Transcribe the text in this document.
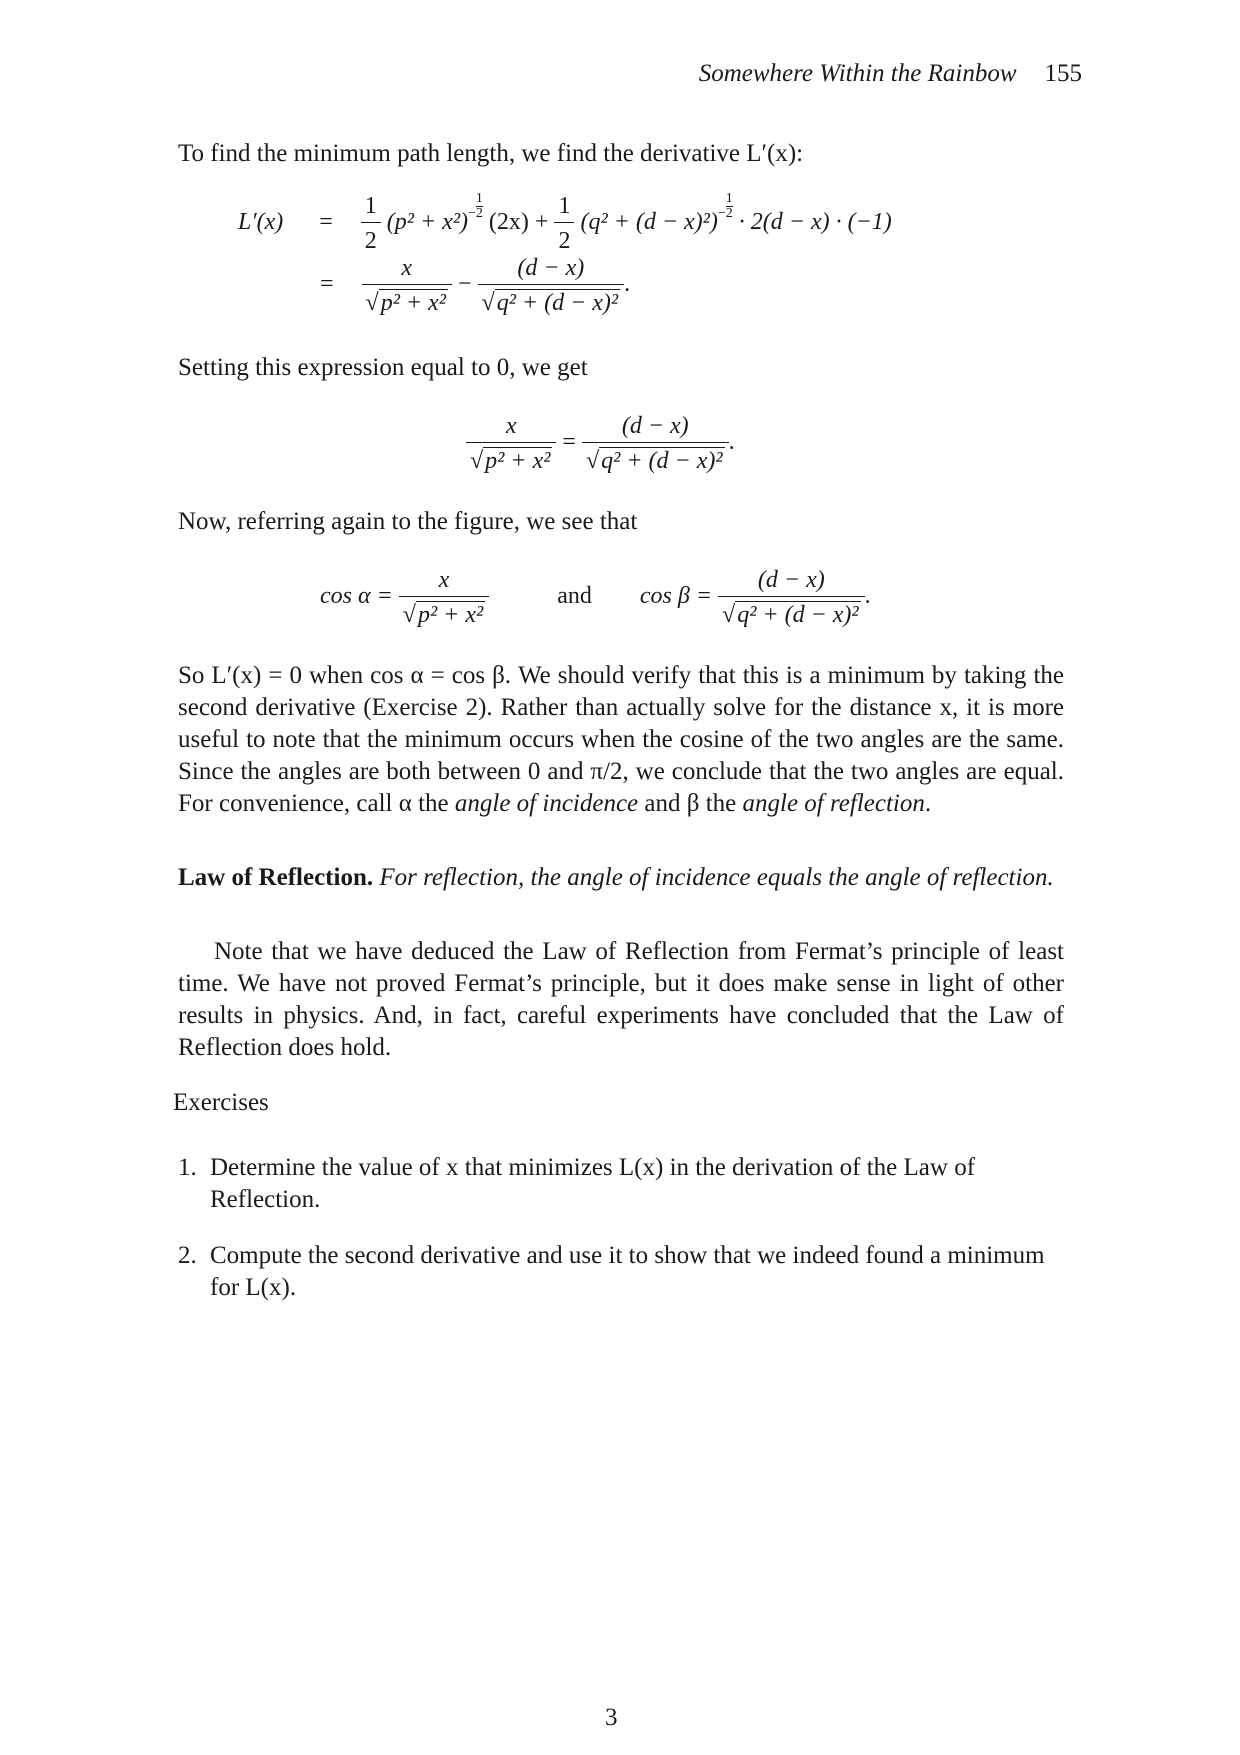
Somewhere Within the Rainbow 155
To find the minimum path length, we find the derivative L′(x):
$L'(x) = \frac{1}{2} (p^2 + x^2)- \frac{1}{2}$
$(2x) + \frac{1}{2} (q^2 + (d - x)^2)- \frac{1}{2}$
· 2(d − x) · (−1)
= $\frac{x}{\text{√p² + x²}} - \frac{(d - x)}{\text{√q² + (d − x)²}}$ .
Setting this expression equal to 0, we get
$\frac{x}{\text{√p² + x²}} = \frac{(d - x)}{\text{√q² + (d − x)²}}$ .
Now, referring again to the figure, we see that
$\cos \alpha = \frac{x}{\text{√p² + x²}}$	and $\cos \beta = \frac{(d - x)}{\text{√q² + (d − x)²}}$ .
So L′(x) = 0 when cos α = cos β. We should verify that this is a minimum by taking the second derivative (Exercise 2). Rather than actually solve for the distance x, it is more useful to note that the minimum occurs when the cosine of the two angles are the same. Since the angles are both between 0 and π/2, we conclude that the two angles are equal. For convenience, call α the angle of incidence and β the angle of reflection.
Law of Reflection. For reflection, the angle of incidence equals the angle of reflection.
Note that we have deduced the Law of Reflection from Fermat’s principle of least time. We have not proved Fermat’s principle, but it does make sense in light of other results in physics. And, in fact, careful experiments have concluded that the Law of Reflection does hold.
Exercises
1. Determine the value of x that minimizes L(x) in the derivation of the Law of Reflection.
2. Compute the second derivative and use it to show that we indeed found a minimum for L(x).
3
